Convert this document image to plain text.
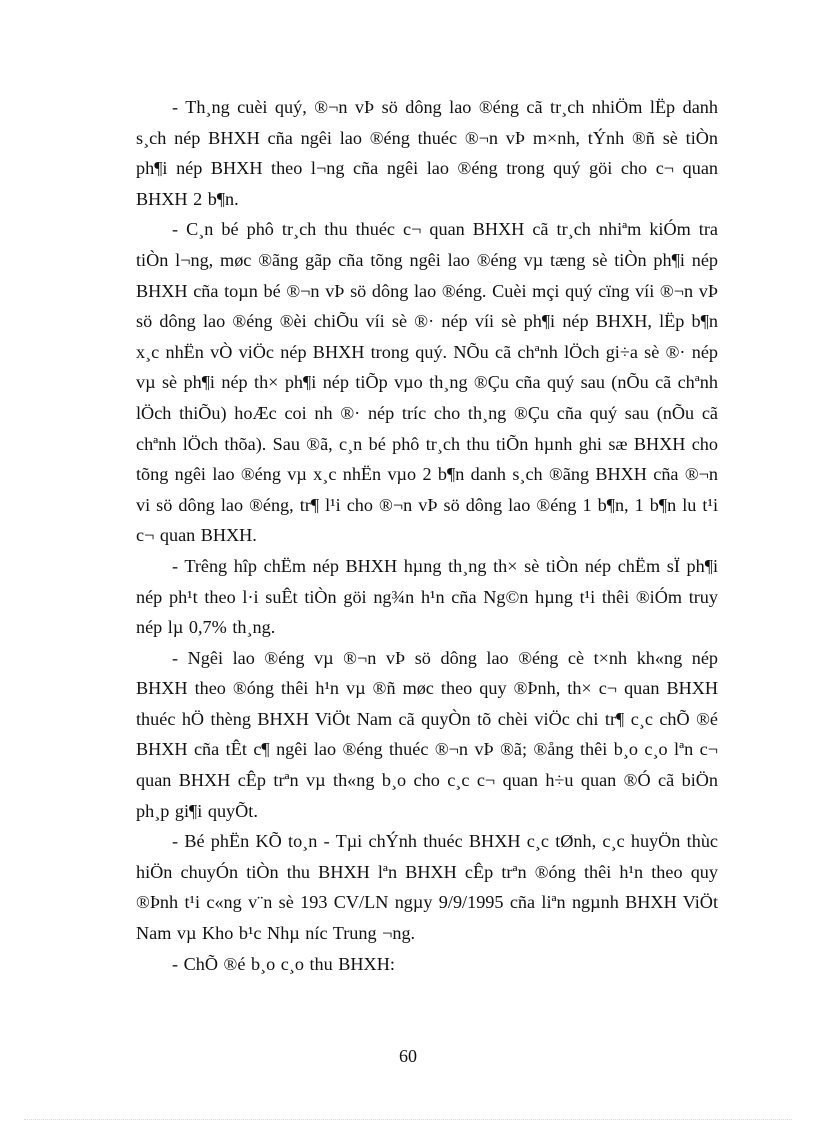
- Th¸ng cuèi quý, ®¬n vÞ sö dông lao ®éng cã tr¸ch nhiÖm lËp danh s¸ch nép BHXH cña ngêi lao ®éng thuéc ®¬n vÞ m×nh, tÝnh ®ñ sè tiÒn ph¶i nép BHXH theo l¬ng cña ngêi lao ®éng trong quý göi cho c¬ quan BHXH 2 b¶n.

- C¸n bé phô tr¸ch thu thuéc c¬ quan BHXH cã tr¸ch nhiªm kiÓm tra tiÒn l¬ng, møc ®ãng gãp cña tõng ngêi lao ®éng vµ tæng sè tiÒn ph¶i nép BHXH cña toµn bé ®¬n vÞ sö dông lao ®éng. Cuèi mçi quý cïng víi ®¬n vÞ sö dông lao ®éng ®èi chiÕu víi sè ®· nép víi sè ph¶i nép BHXH, lËp b¶n x¸c nhËn vÒ viÖc nép BHXH trong quý. NÕu cã chªnh lÖch gi÷a sè ®· nép vµ sè ph¶i nép th× ph¶i nép tiÕp vµo th¸ng ®Çu cña quý sau (nÕu cã chªnh lÖch thiÕu) hoÆc coi nh ®· nép tríc cho th¸ng ®Çu cña quý sau (nÕu cã chªnh lÖch thõa). Sau ®ã, c¸n bé phô tr¸ch thu tiÕn hµnh ghi sæ BHXH cho tõng ngêi lao ®éng vµ x¸c nhËn vµo 2 b¶n danh s¸ch ®ãng BHXH cña ®¬n vi sö dông lao ®éng, tr¶ l¹i cho ®¬n vÞ sö dông lao ®éng 1 b¶n, 1 b¶n lu t¹i c¬ quan BHXH.

- Trêng hîp chËm nép BHXH hµng th¸ng th× sè tiÒn nép chËm sÏ ph¶i nép ph¹t theo l·i suÊt tiÒn göi ng¾n h¹n cña Ng©n hµng t¹i thêi ®iÓm truy nép lµ 0,7% th¸ng.

- Ngêi lao ®éng vµ ®¬n vÞ sö dông lao ®éng cè t×nh kh«ng nép BHXH theo ®óng thêi h¹n vµ ®ñ møc theo quy ®Þnh, th× c¬ quan BHXH thuéc hÖ thèng BHXH ViÖt Nam cã quyÒn tõ chèi viÖc chi tr¶ c¸c chÕ ®é BHXH cña tÊt c¶ ngêi lao ®éng thuéc ®¬n vÞ ®ã; ®ång thêi b¸o c¸o lªn c¬ quan BHXH cÊp trªn vµ th«ng b¸o cho c¸c c¬ quan h÷u quan ®Ó cã biÖn ph¸p gi¶i quyÕt.

- Bé phËn KÕ to¸n - Tµi chÝnh thuéc BHXH c¸c tØnh, c¸c huyÖn thùc hiÖn chuyÓn tiÒn thu BHXH lªn BHXH cÊp trªn ®óng thêi h¹n theo quy ®Þnh t¹i c«ng v¨n sè 193 CV/LN ngµy 9/9/1995 cña liªn ngµnh BHXH ViÖt Nam vµ Kho b¹c Nhµ níc Trung ¬ng.

- ChÕ ®é b¸o c¸o thu BHXH:

60
